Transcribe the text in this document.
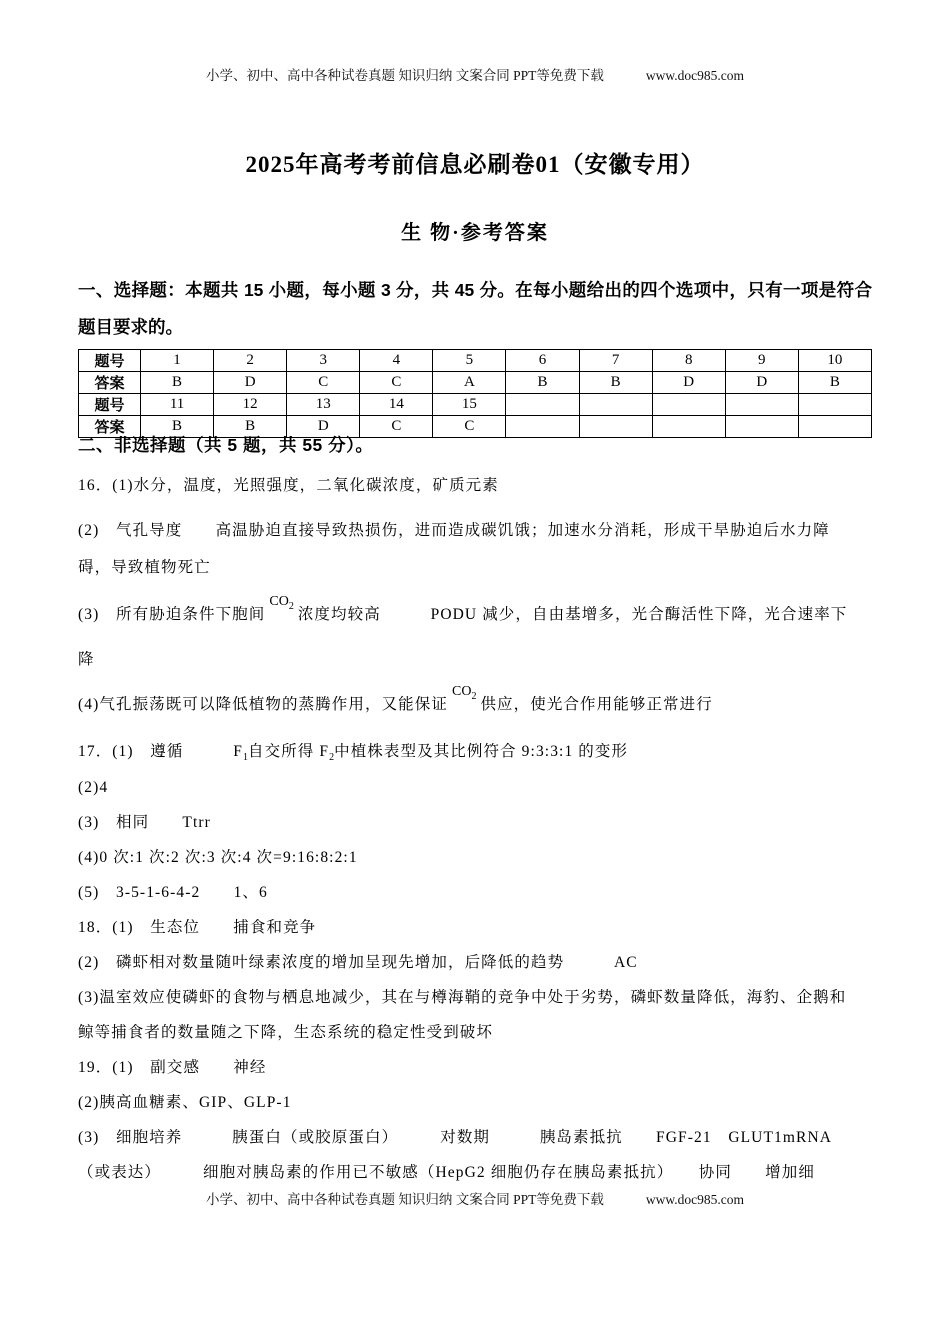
小学、初中、高中各种试卷真题 知识归纳 文案合同 PPT等免费下载	www.doc985.com
2025年高考考前信息必刷卷01（安徽专用）
生 物·参考答案
一、选择题：本题共 15 小题，每小题 3 分，共 45 分。在每小题给出的四个选项中，只有一项是符合题目要求的。
题号	1	2	3	4	5	6	7	8	9	10
答案	B	D	C	C	A	B	B	D	D	B
题号	11	12	13	14	15					
答案	B	B	D	C	C					
二、非选择题（共 5 题，共 55 分）。
16．(1)水分，温度，光照强度，二氧化碳浓度，矿质元素
(2)　气孔导度　　高温胁迫直接导致热损伤，进而造成碳饥饿；加速水分消耗，形成干旱胁迫后水力障
碍，导致植物死亡
(3)　所有胁迫条件下胞间$CO_2$ 浓度均较高　　　PODU 减少，自由基增多，光合酶活性下降，光合速率下
降
(4)气孔振荡既可以降低植物的蒸腾作用，又能保证$CO_2$ 供应，使光合作用能够正常进行
17．(1)　遵循　　　$F_1$自交所得 $F_2$中植株表型及其比例符合 9:3:3:1 的变形
(2)4
(3)　相同　　Ttrr
(4)0 次:1 次:2 次:3 次:4 次=9:16:8:2:1
(5)　3-5-1-6-4-2　　1、6
18．(1)　生态位　　捕食和竞争
(2)　磷虾相对数量随叶绿素浓度的增加呈现先增加，后降低的趋势　　　AC
(3)温室效应使磷虾的食物与栖息地减少，其在与樽海鞘的竞争中处于劣势，磷虾数量降低，海豹、企鹅和
鲸等捕食者的数量随之下降，生态系统的稳定性受到破坏
19．(1)　副交感　　神经
(2)胰高血糖素、GIP、GLP-1
(3)　细胞培养　　　胰蛋白（或胶原蛋白）　　　对数期　　　胰岛素抵抗　　FGF-21　GLUT1mRNA
（或表达）　　　细胞对胰岛素的作用已不敏感（HepG2 细胞仍存在胰岛素抵抗）　　协同　　增加细
小学、初中、高中各种试卷真题 知识归纳 文案合同 PPT等免费下载	www.doc985.com
